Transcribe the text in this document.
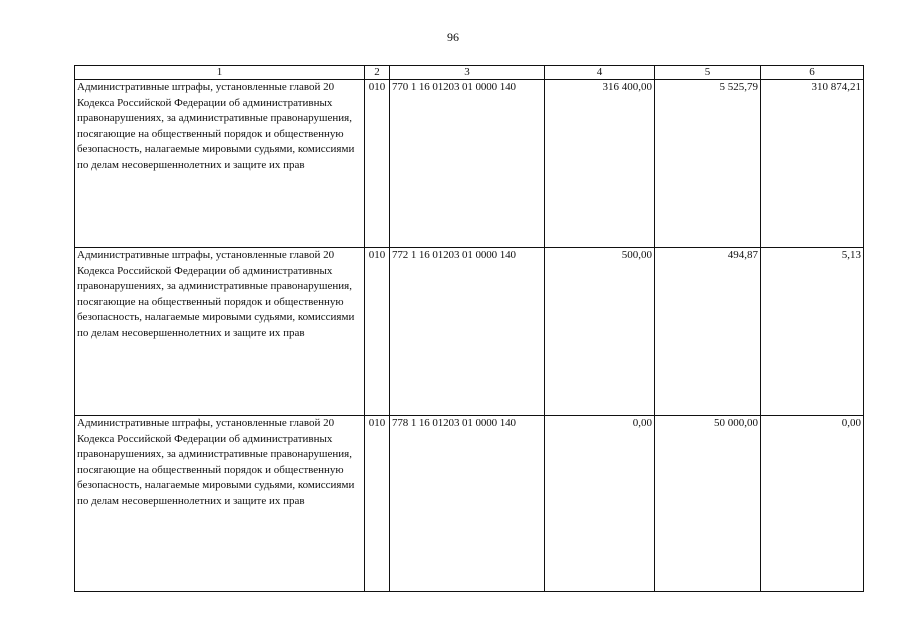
96
1	2	3	4	5	6
Административные штрафы, установленные главой 20 Кодекса Российской Федерации об административных правонарушениях, за административные правонарушения, посягающие на общественный порядок и общественную безопасность, налагаемые мировыми судьями, комиссиями по делам несовершеннолетних и защите их прав	010	770 1 16 01203 01 0000 140	316 400,00	5 525,79	310 874,21
Административные штрафы, установленные главой 20 Кодекса Российской Федерации об административных правонарушениях, за административные правонарушения, посягающие на общественный порядок и общественную безопасность, налагаемые мировыми судьями, комиссиями по делам несовершеннолетних и защите их прав	010	772 1 16 01203 01 0000 140	500,00	494,87	5,13
Административные штрафы, установленные главой 20 Кодекса Российской Федерации об административных правонарушениях, за административные правонарушения, посягающие на общественный порядок и общественную безопасность, налагаемые мировыми судьями, комиссиями по делам несовершеннолетних и защите их прав	010	778 1 16 01203 01 0000 140	0,00	50 000,00	0,00
